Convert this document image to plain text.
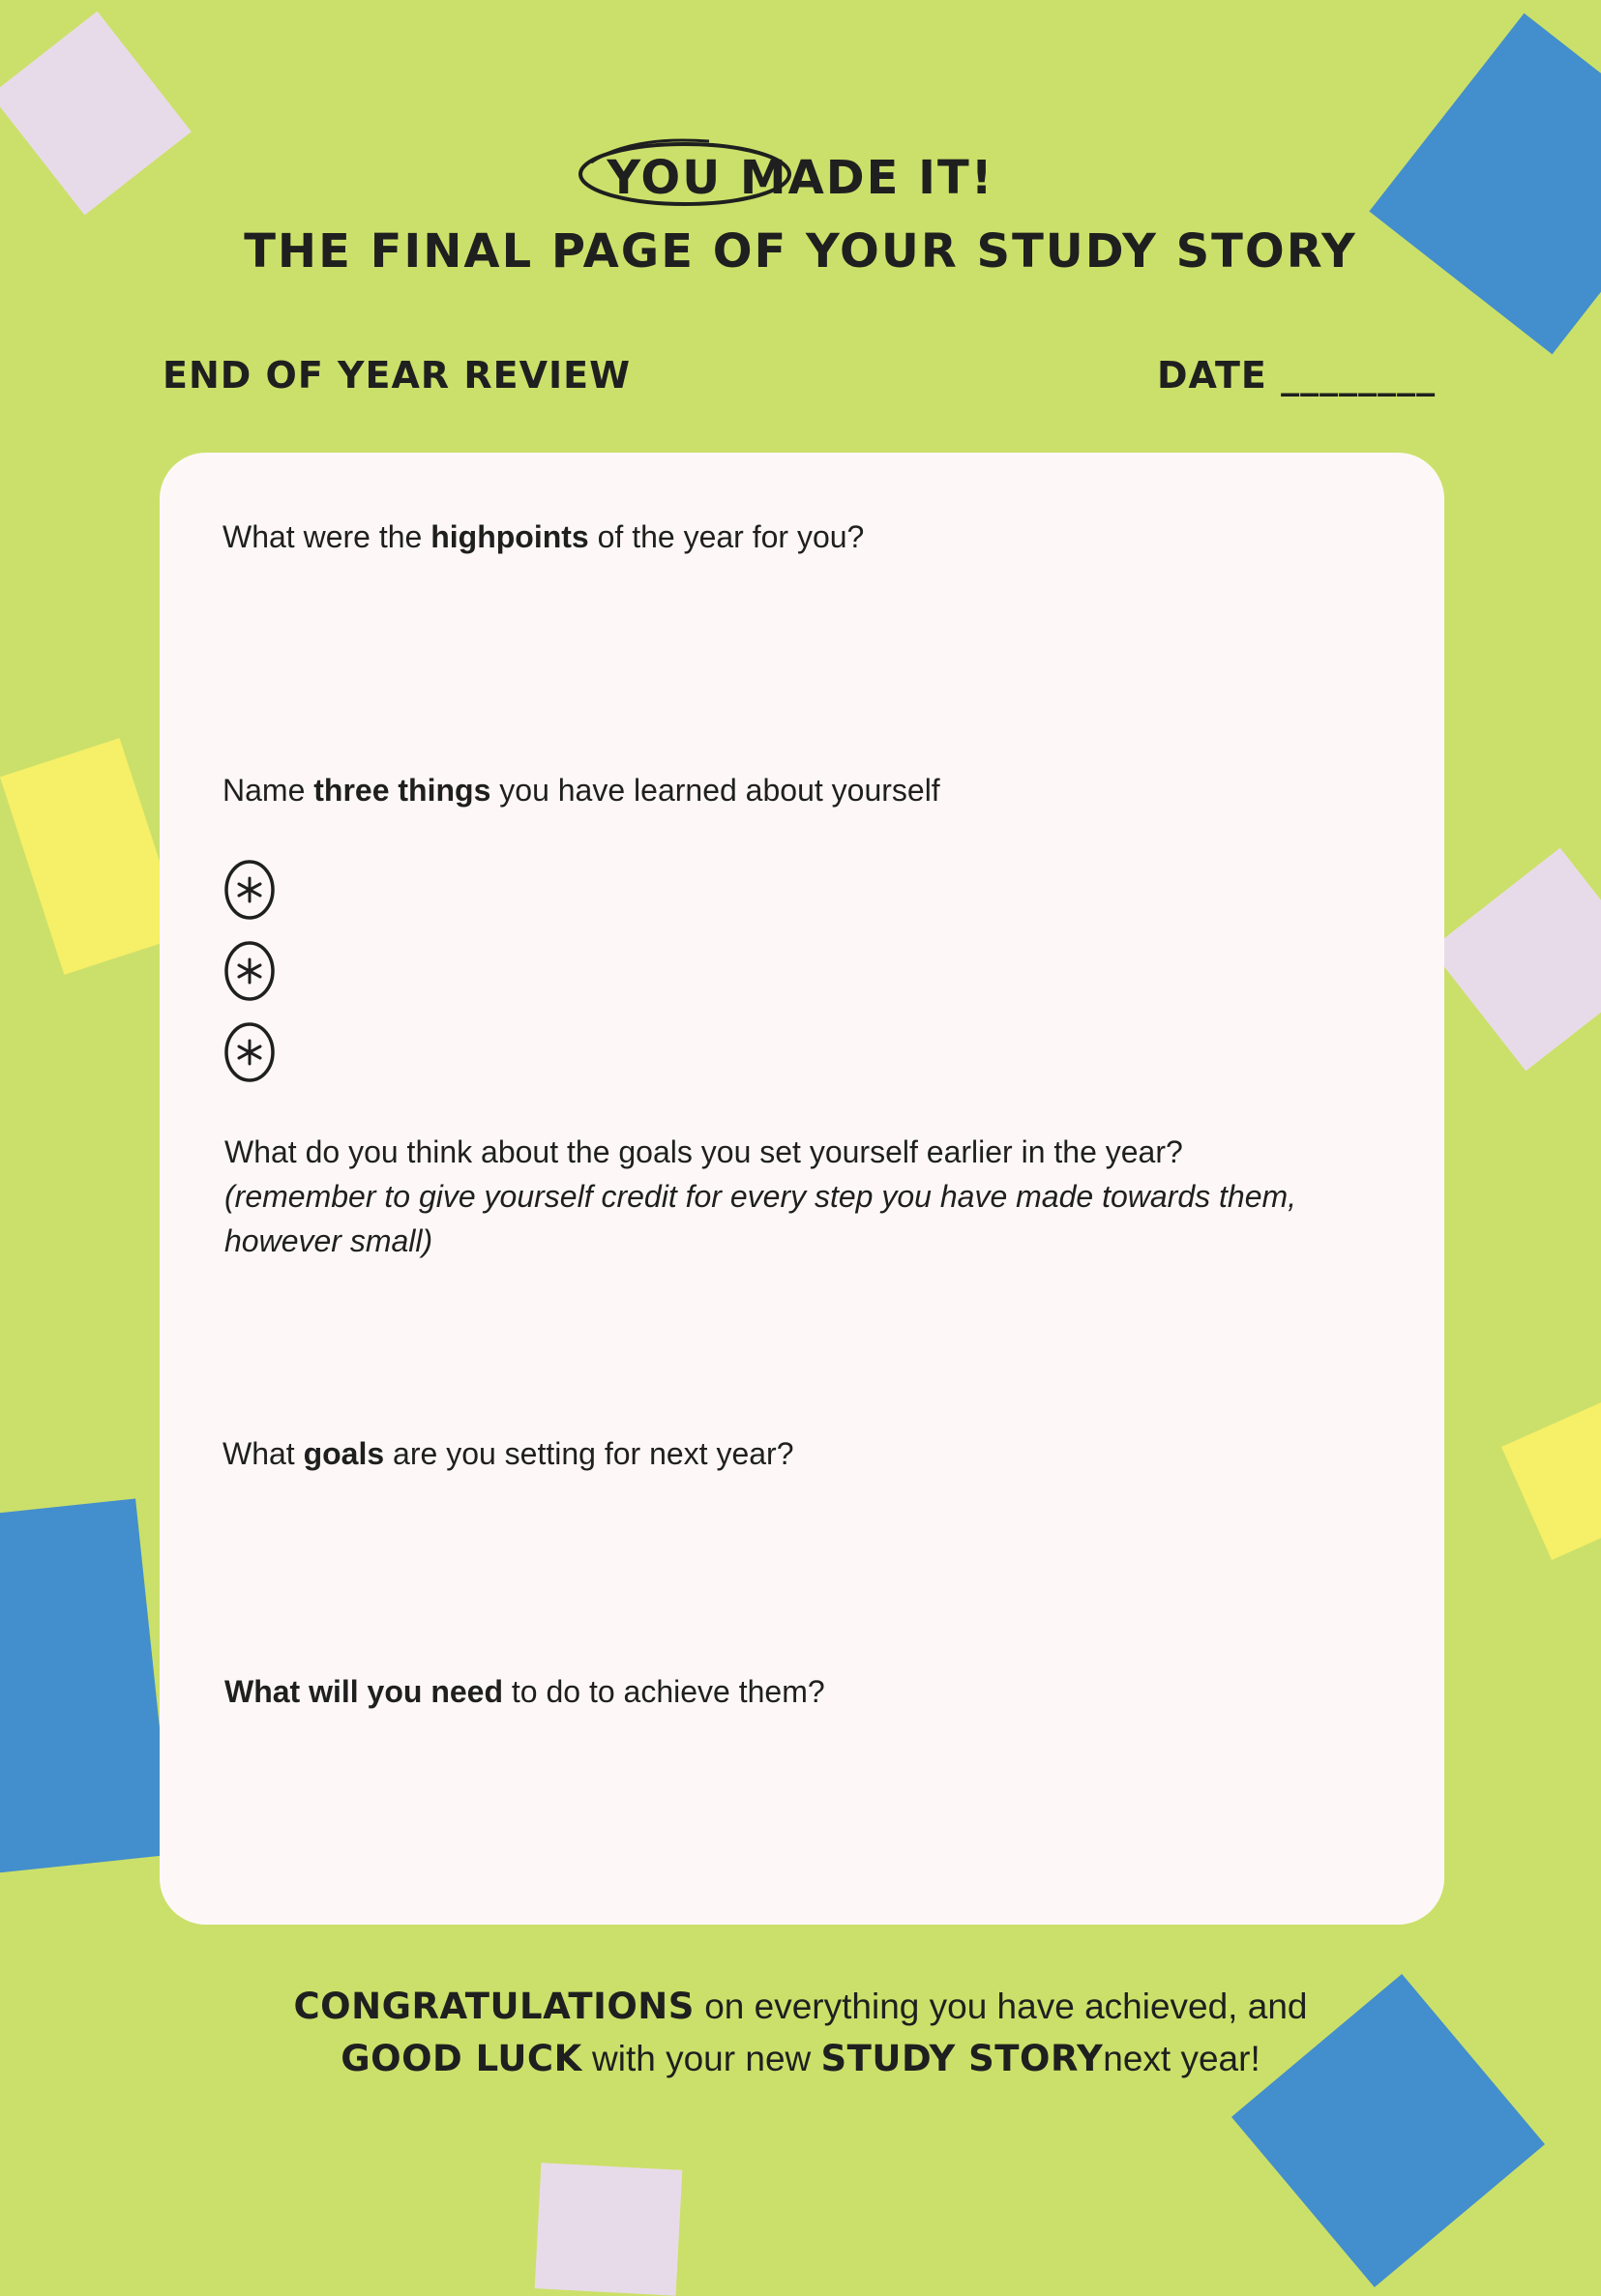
YOU MADE IT!

THE FINAL PAGE OF YOUR STUDY STORY

END OF YEAR REVIEW	DATE ________

What were the highpoints of the year for you?

Name three things you have learned about yourself

What do you think about the goals you set yourself earlier in the year?
(remember to give yourself credit for every step you have made towards them,
however small)

What goals are you setting for next year?

What will you need to do to achieve them?

CONGRATULATIONS on everything you have achieved, and
GOOD LUCK with your new STUDY STORYnext year!
